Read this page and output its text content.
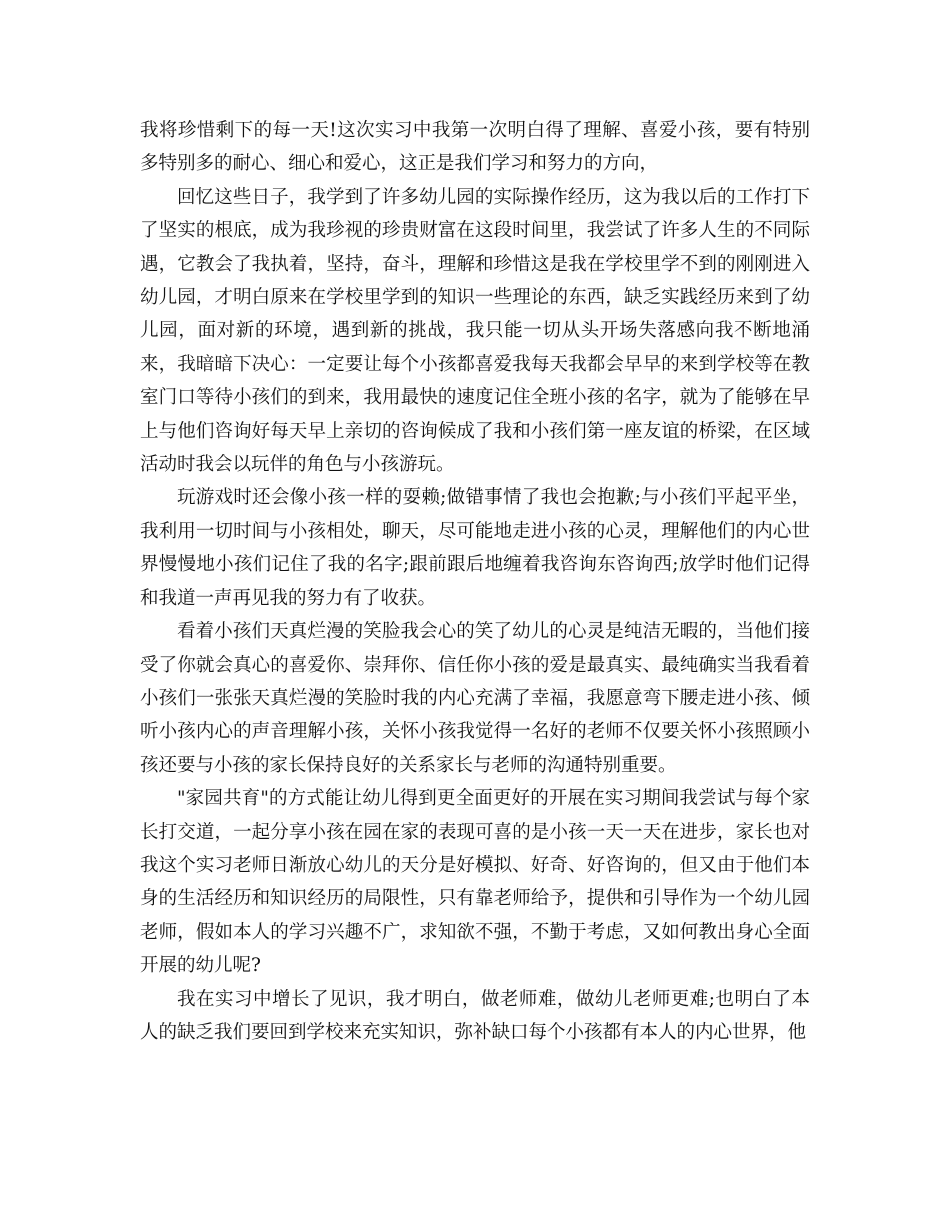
我将珍惜剩下的每一天!这次实习中我第一次明白得了理解、喜爱小孩，要有特别多特别多的耐心、细心和爱心，这正是我们学习和努力的方向，

回忆这些日子，我学到了许多幼儿园的实际操作经历，这为我以后的工作打下了坚实的根底，成为我珍视的珍贵财富在这段时间里，我尝试了许多人生的不同际遇，它教会了我执着，坚持，奋斗，理解和珍惜这是我在学校里学不到的刚刚进入幼儿园，才明白原来在学校里学到的知识一些理论的东西，缺乏实践经历来到了幼儿园，面对新的环境，遇到新的挑战，我只能一切从头开场失落感向我不断地涌来，我暗暗下决心：一定要让每个小孩都喜爱我每天我都会早早的来到学校等在教室门口等待小孩们的到来，我用最快的速度记住全班小孩的名字，就为了能够在早上与他们咨询好每天早上亲切的咨询候成了我和小孩们第一座友谊的桥梁，在区域活动时我会以玩伴的角色与小孩游玩。

玩游戏时还会像小孩一样的耍赖;做错事情了我也会抱歉;与小孩们平起平坐，我利用一切时间与小孩相处，聊天，尽可能地走进小孩的心灵，理解他们的内心世界慢慢地小孩们记住了我的名字;跟前跟后地缠着我咨询东咨询西;放学时他们记得和我道一声再见我的努力有了收获。

看着小孩们天真烂漫的笑脸我会心的笑了幼儿的心灵是纯洁无暇的，当他们接受了你就会真心的喜爱你、崇拜你、信任你小孩的爱是最真实、最纯确实当我看着小孩们一张张天真烂漫的笑脸时我的内心充满了幸福，我愿意弯下腰走进小孩、倾听小孩内心的声音理解小孩，关怀小孩我觉得一名好的老师不仅要关怀小孩照顾小孩还要与小孩的家长保持良好的关系家长与老师的沟通特别重要。

"家园共育"的方式能让幼儿得到更全面更好的开展在实习期间我尝试与每个家长打交道，一起分享小孩在园在家的表现可喜的是小孩一天一天在进步，家长也对我这个实习老师日渐放心幼儿的天分是好模拟、好奇、好咨询的，但又由于他们本身的生活经历和知识经历的局限性，只有靠老师给予，提供和引导作为一个幼儿园老师，假如本人的学习兴趣不广，求知欲不强，不勤于考虑，又如何教出身心全面开展的幼儿呢?

我在实习中增长了见识，我才明白，做老师难，做幼儿老师更难;也明白了本人的缺乏我们要回到学校来充实知识，弥补缺口每个小孩都有本人的内心世界，他
